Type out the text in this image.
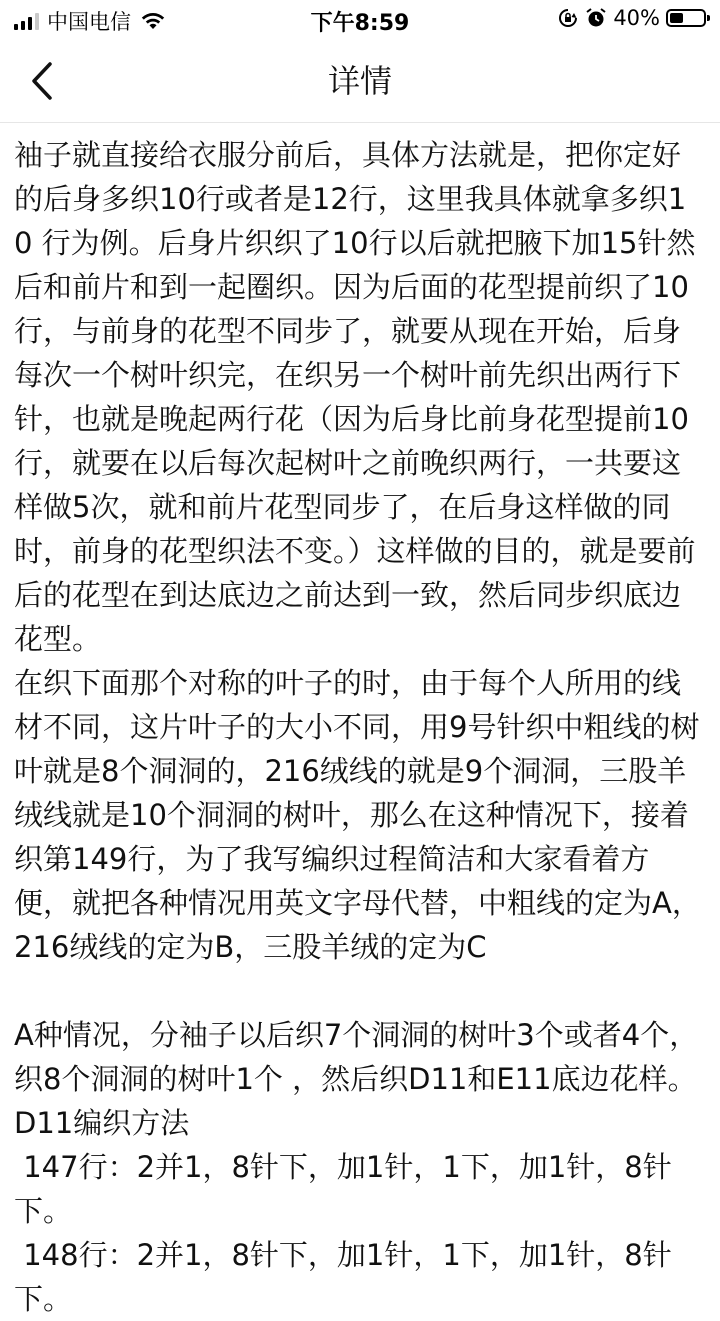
中国电信	下午8:59	40%
详情

袖子就直接给衣服分前后，具体方法就是，把你定好的后身多织10行或者是12行，这里我具体就拿多织10 行为例。后身片织织了10行以后就把腋下加15针然后和前片和到一起圈织。因为后面的花型提前织了10行，与前身的花型不同步了，就要从现在开始，后身每次一个树叶织完，在织另一个树叶前先织出两行下针，也就是晚起两行花（因为后身比前身花型提前10行，就要在以后每次起树叶之前晚织两行，一共要这样做5次，就和前片花型同步了，在后身这样做的同时，前身的花型织法不变。）这样做的目的，就是要前后的花型在到达底边之前达到一致，然后同步织底边花型。

在织下面那个对称的叶子的时，由于每个人所用的线材不同，这片叶子的大小不同，用9号针织中粗线的树叶就是8个洞洞的，216绒线的就是9个洞洞，三股羊绒线就是10个洞洞的树叶，那么在这种情况下，接着织第149行，为了我写编织过程简洁和大家看着方便，就把各种情况用英文字母代替，中粗线的定为A，216绒线的定为B，三股羊绒的定为C

A种情况，分袖子以后织7个洞洞的树叶3个或者4个，织8个洞洞的树叶1个 ，然后织D11和E11底边花样。

D11编织方法

147行：2并1，8针下，加1针，1下，加1针，8针下。

148行：2并1，8针下，加1针，1下，加1针，8针下。
